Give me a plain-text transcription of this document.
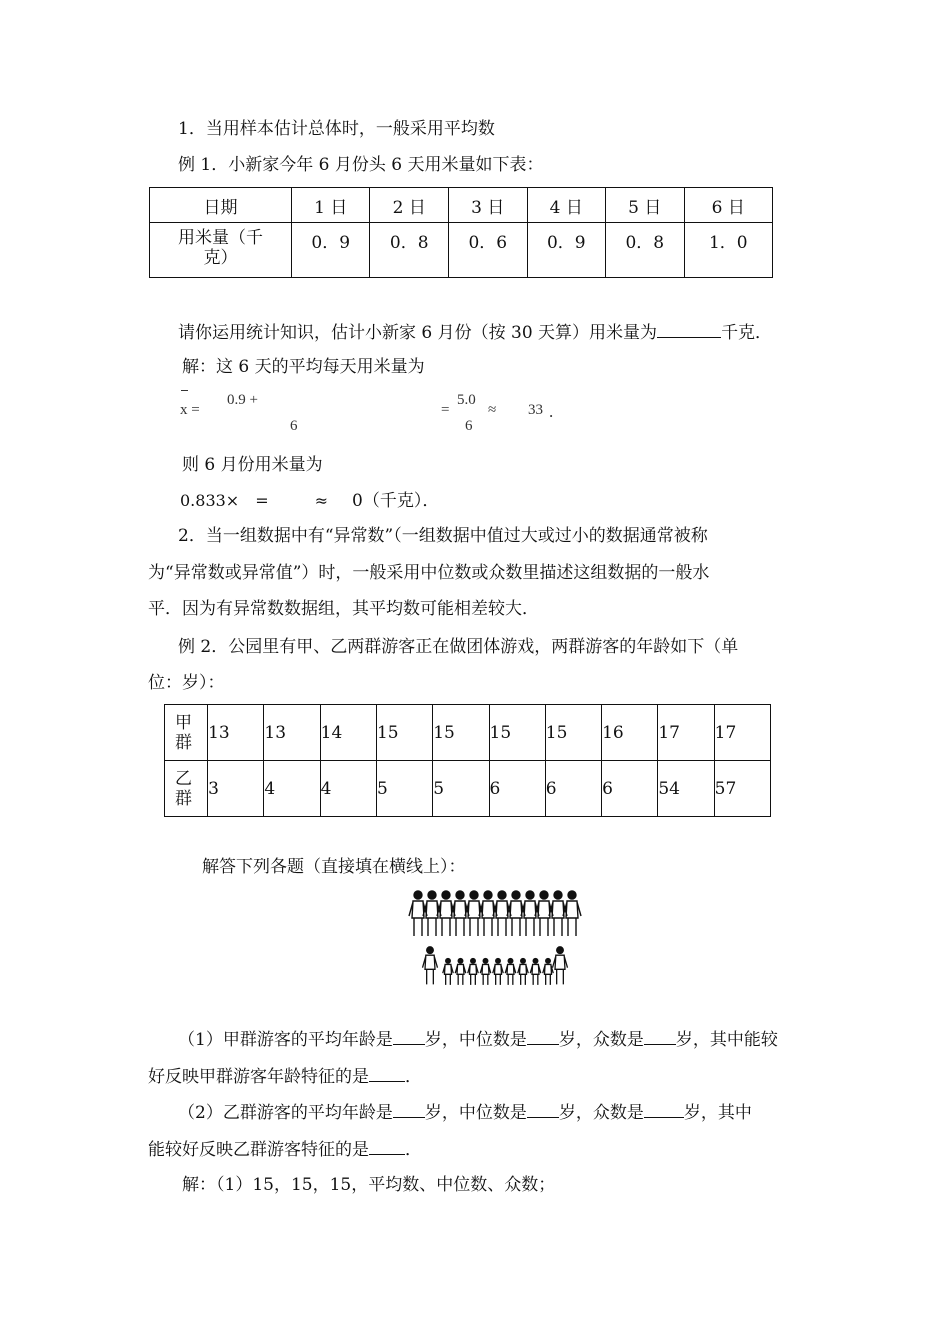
1．当用样本估计总体时，一般采用平均数
例 1．小新家今年 6 月份头 6 天用米量如下表：
日期	1 日	2 日	3 日	4 日	5 日	6 日

用米量（千
克）	0．9	0．8	0．6	0．9	0．8	1．0
请你运用统计知识，估计小新家 6 月份（按 30 天算）用米量为	千克．
解：这 6 天的平均每天用米量为
x =
0.9 +
6
=
5.0
6
≈ 33 .
则 6 月份用米量为
0.833× =	≈ 0（千克）．
2．当一组数据中有“异常数”（一组数据中值过大或过小的数据通常被称
为“异常数或异常值”）时，一般采用中位数或众数里描述这组数据的一般水
平．因为有异常数数据组，其平均数可能相差较大．
例 2．公园里有甲、乙两群游客正在做团体游戏，两群游客的年龄如下（单
位：岁）：
甲
群	13	13	14	15	15	15	15	16	17	17

乙
群	3	4	4	5	5	6	6	6	54	57
解答下列各题（直接填在横线上）：
（1）甲群游客的平均年龄是 岁，中位数是 岁，众数是 岁，其中能较
好反映甲群游客年龄特征的是 ．
（2）乙群游客的平均年龄是 岁，中位数是 岁，众数是 岁，其中
能较好反映乙群游客特征的是 ．
解：（1）15，15，15，平均数、中位数、众数；
